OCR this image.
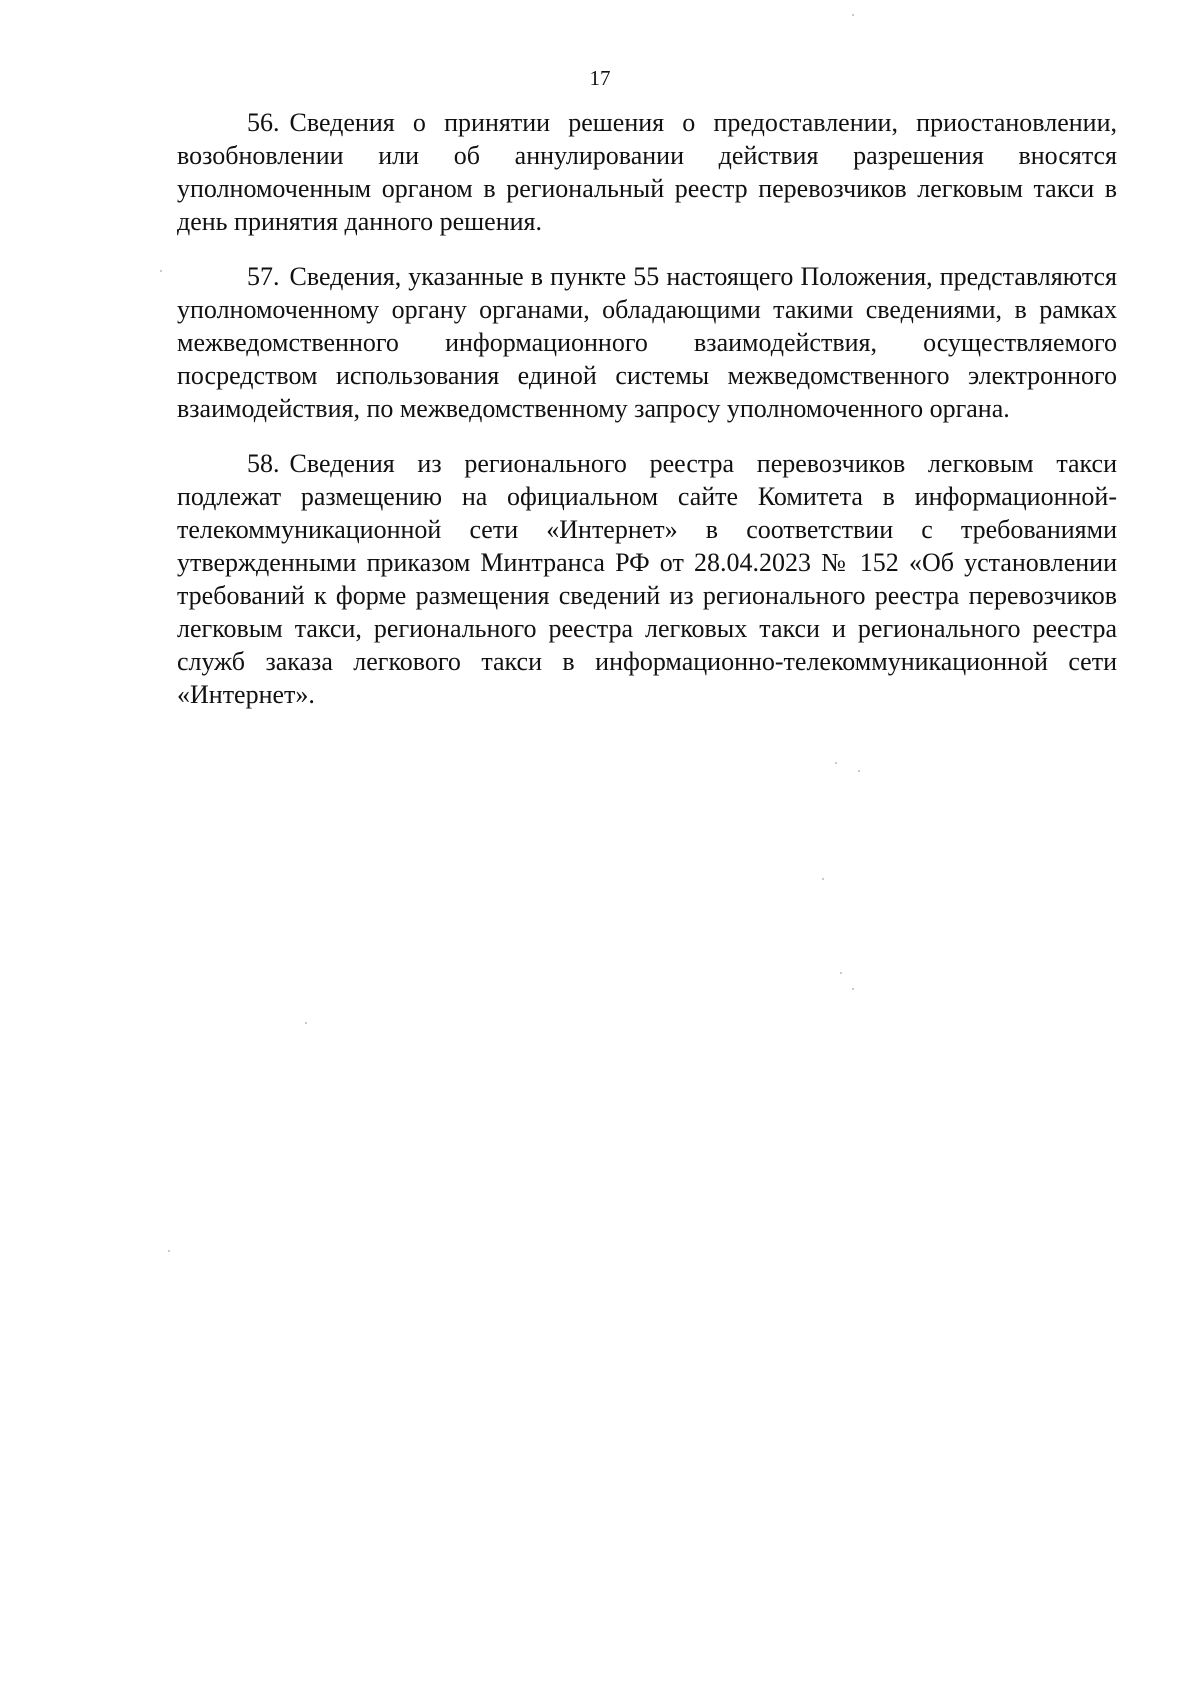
17

56. Сведения о принятии решения о предоставлении, приостановлении, возобновлении или об аннулировании действия разрешения вносятся уполномоченным органом в региональный реестр перевозчиков легковым такси в день принятия данного решения.

57. Сведения, указанные в пункте 55 настоящего Положения, представляются уполномоченному органу органами, обладающими такими сведениями, в рамках межведомственного информационного взаимодействия, осуществляемого посредством использования единой системы межведомственного электронного взаимодействия, по межведомственному запросу уполномоченного органа.

58. Сведения из регионального реестра перевозчиков легковым такси подлежат размещению на официальном сайте Комитета в информационной-телекоммуникационной сети «Интернет» в соответствии с требованиями утвержденными приказом Минтранса РФ от 28.04.2023 № 152 «Об установлении требований к форме размещения сведений из регионального реестра перевозчиков легковым такси, регионального реестра легковых такси и регионального реестра служб заказа легкового такси в информационно-телекоммуникационной сети «Интернет».
